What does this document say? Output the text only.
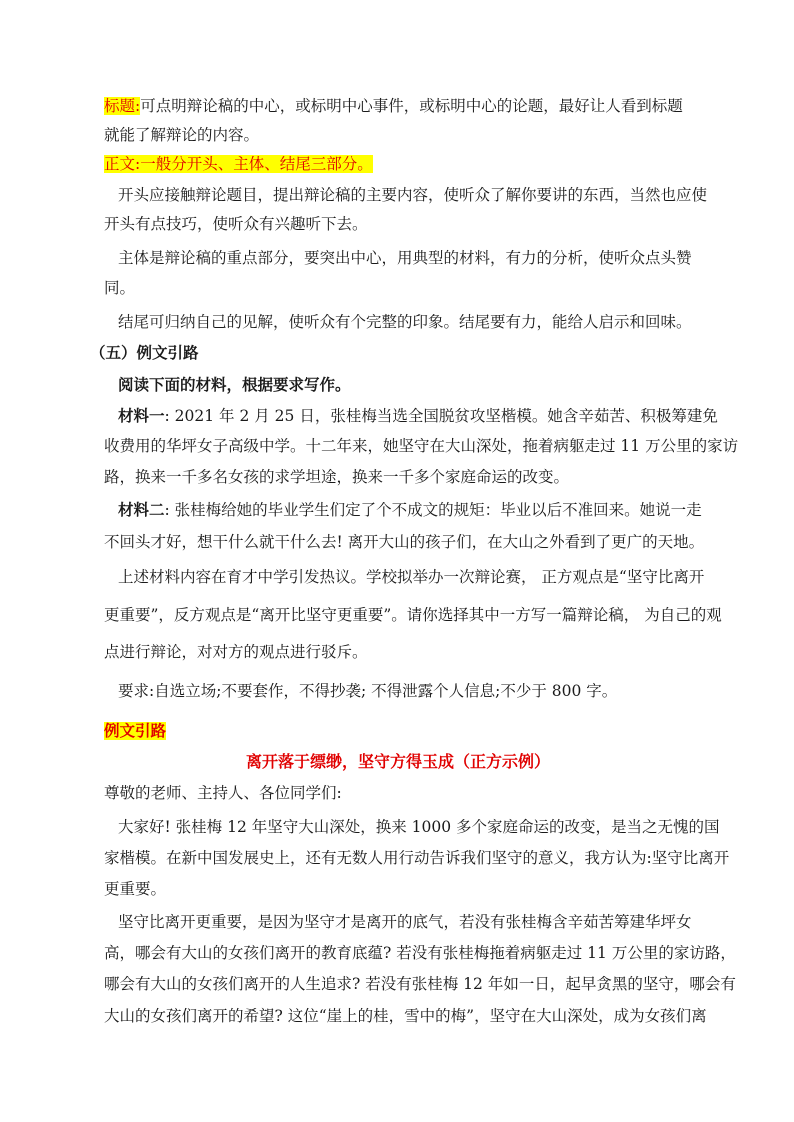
标题:可点明辩论稿的中心，或标明中心事件，或标明中心的论题，最好让人看到标题
就能了解辩论的内容。
正文:一般分开头、主体、结尾三部分。
开头应接触辩论题目，提出辩论稿的主要内容，使听众了解你要讲的东西，当然也应使
开头有点技巧，使听众有兴趣听下去。
主体是辩论稿的重点部分，要突出中心，用典型的材料，有力的分析，使听众点头赞
同。
结尾可归纳自己的见解，使听众有个完整的印象。结尾要有力，能给人启示和回味。
（五）例文引路
阅读下面的材料，根据要求写作。
材料一: 2021 年 2 月 25 日，张桂梅当选全国脱贫攻坚楷模。她含辛茹苦、积极筹建免
收费用的华坪女子高级中学。十二年来，她坚守在大山深处，拖着病躯走过 11 万公里的家访
路，换来一千多名女孩的求学坦途，换来一千多个家庭命运的改变。
材料二: 张桂梅给她的毕业学生们定了个不成文的规矩：毕业以后不准回来。她说一走
不回头才好，想干什么就干什么去! 离开大山的孩子们，在大山之外看到了更广的天地。
上述材料内容在育才中学引发热议。学校拟举办一次辩论赛， 正方观点是“坚守比离开
更重要”，反方观点是“离开比坚守更重要”。请你选择其中一方写一篇辩论稿， 为自己的观
点进行辩论，对对方的观点进行驳斥。
要求:自选立场;不要套作，不得抄袭; 不得泄露个人信息;不少于 800 字。
例文引路
离开落于缥缈，坚守方得玉成（正方示例）
尊敬的老师、主持人、各位同学们:
大家好! 张桂梅 12 年坚守大山深处，换来 1000 多个家庭命运的改变，是当之无愧的国
家楷模。在新中国发展史上，还有无数人用行动告诉我们坚守的意义，我方认为:坚守比离开
更重要。
坚守比离开更重要，是因为坚守才是离开的底气，若没有张桂梅含辛茹苦筹建华坪女
高，哪会有大山的女孩们离开的教育底蕴? 若没有张桂梅拖着病躯走过 11 万公里的家访路，
哪会有大山的女孩们离开的人生追求? 若没有张桂梅 12 年如一日，起早贪黑的坚守，哪会有
大山的女孩们离开的希望? 这位“崖上的桂，雪中的梅”，坚守在大山深处，成为女孩们离
